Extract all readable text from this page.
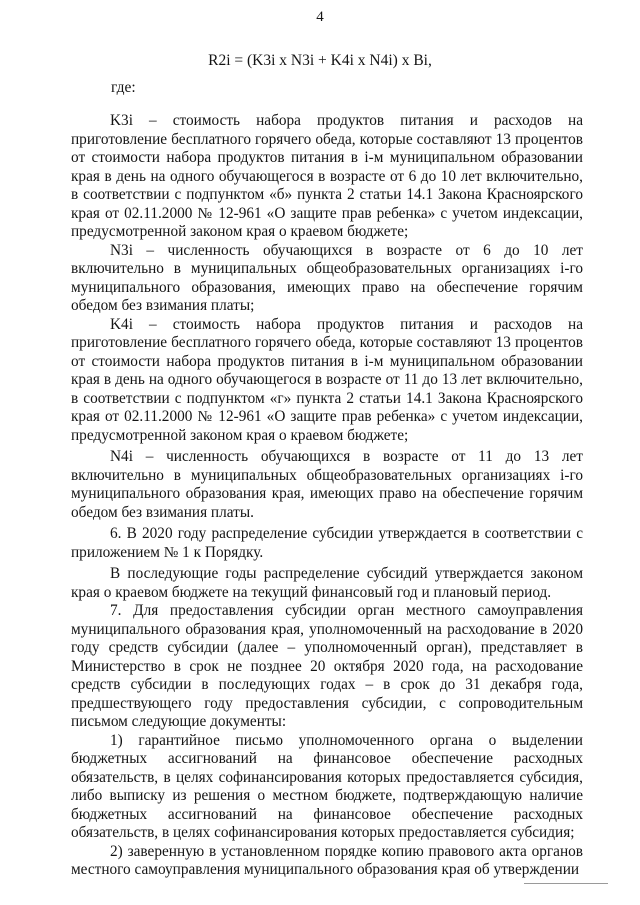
4
R2i = (K3i x N3i + K4i x N4i) x Bi,
где:

K3i – стоимость набора продуктов питания и расходов на приготовление бесплатного горячего обеда, которые составляют 13 процентов от стоимости набора продуктов питания в i-м муниципальном образовании края в день на одного обучающегося в возрасте от 6 до 10 лет включительно, в соответствии с подпунктом «б» пункта 2 статьи 14.1 Закона Красноярского края от 02.11.2000 № 12-961 «О защите прав ребенка» с учетом индексации, предусмотренной законом края о краевом бюджете;

N3i – численность обучающихся в возрасте от 6 до 10 лет включительно в муниципальных общеобразовательных организациях i-го муниципального образования, имеющих право на обеспечение горячим обедом без взимания платы;

K4i – стоимость набора продуктов питания и расходов на приготовление бесплатного горячего обеда, которые составляют 13 процентов от стоимости набора продуктов питания в i-м муниципальном образовании края в день на одного обучающегося в возрасте от 11 до 13 лет включительно, в соответствии с подпунктом «г» пункта 2 статьи 14.1 Закона Красноярского края от 02.11.2000 № 12-961 «О защите прав ребенка» с учетом индексации, предусмотренной законом края о краевом бюджете;

N4i – численность обучающихся в возрасте от 11 до 13 лет включительно в муниципальных общеобразовательных организациях i-го муниципального образования края, имеющих право на обеспечение горячим обедом без взимания платы.

6. В 2020 году распределение субсидии утверждается в соответствии с приложением № 1 к Порядку.

В последующие годы распределение субсидий утверждается законом края о краевом бюджете на текущий финансовый год и плановый период.

7. Для предоставления субсидии орган местного самоуправления муниципального образования края, уполномоченный на расходование в 2020 году средств субсидии (далее – уполномоченный орган), представляет в Министерство в срок не позднее 20 октября 2020 года, на расходование средств субсидии в последующих годах – в срок до 31 декабря года, предшествующего году предоставления субсидии, с сопроводительным письмом следующие документы:

1) гарантийное письмо уполномоченного органа о выделении бюджетных ассигнований на финансовое обеспечение расходных обязательств, в целях софинансирования которых предоставляется субсидия, либо выписку из решения о местном бюджете, подтверждающую наличие бюджетных ассигнований на финансовое обеспечение расходных обязательств, в целях софинансирования которых предоставляется субсидия;

2) заверенную в установленном порядке копию правового акта органов местного самоуправления муниципального образования края об утверждении
